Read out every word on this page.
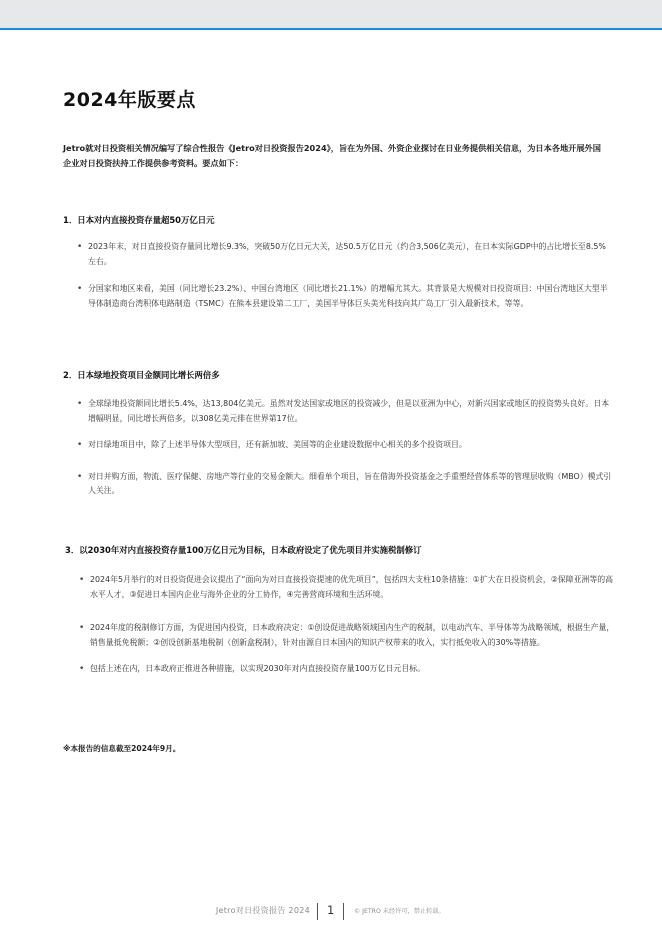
2024年版要点
Jetro就对日投资相关情况编写了综合性报告《Jetro对日投资报告2024》，旨在为外国、外资企业探讨在日业务提供相关信息，为日本各地开展外国企业对日投资扶持工作提供参考资料。要点如下：
1．日本对内直接投资存量超50万亿日元
• 2023年末，对日直接投资存量同比增长9.3%，突破50万亿日元大关，达50.5万亿日元（约合3,506亿美元），在日本实际GDP中的占比增长至8.5%左右。
• 分国家和地区来看，美国（同比增长23.2%）、中国台湾地区（同比增长21.1%）的增幅尤其大。其背景是大规模对日投资项目：中国台湾地区大型半导体制造商台湾积体电路制造（TSMC）在熊本县建设第二工厂，美国半导体巨头美光科技向其广岛工厂引入最新技术，等等。
2．日本绿地投资项目金额同比增长两倍多
• 全球绿地投资额同比增长5.4%，达13,804亿美元。虽然对发达国家或地区的投资减少，但是以亚洲为中心，对新兴国家或地区的投资势头良好。日本增幅明显，同比增长两倍多，以308亿美元排在世界第17位。
• 对日绿地项目中，除了上述半导体大型项目，还有新加坡、美国等的企业建设数据中心相关的多个投资项目。
• 对日并购方面，物流、医疗保健、房地产等行业的交易金额大。细看单个项目，旨在借海外投资基金之手重塑经营体系等的管理层收购（MBO）模式引人关注。
3．以2030年对内直接投资存量100万亿日元为目标，日本政府设定了优先项目并实施税制修订
• 2024年5月举行的对日投资促进会议提出了“面向为对日直接投资提速的优先项目”，包括四大支柱10条措施：①扩大在日投资机会，②保障亚洲等的高水平人才，③促进日本国内企业与海外企业的分工协作，④完善营商环境和生活环境。
• 2024年度的税制修订方面，为促进国内投资，日本政府决定：①创设促进战略领域国内生产的税制，以电动汽车、半导体等为战略领域，根据生产量，销售量抵免税额；②创设创新基地税制（创新盒税制），针对由源自日本国内的知识产权带来的收入，实行抵免收入的30%等措施。
• 包括上述在内，日本政府正推进各种措施，以实现2030年对内直接投资存量100万亿日元目标。
※本报告的信息截至2024年9月。
Jetro对日投资报告 2024 1	© JETRO 未经许可，禁止转载。
